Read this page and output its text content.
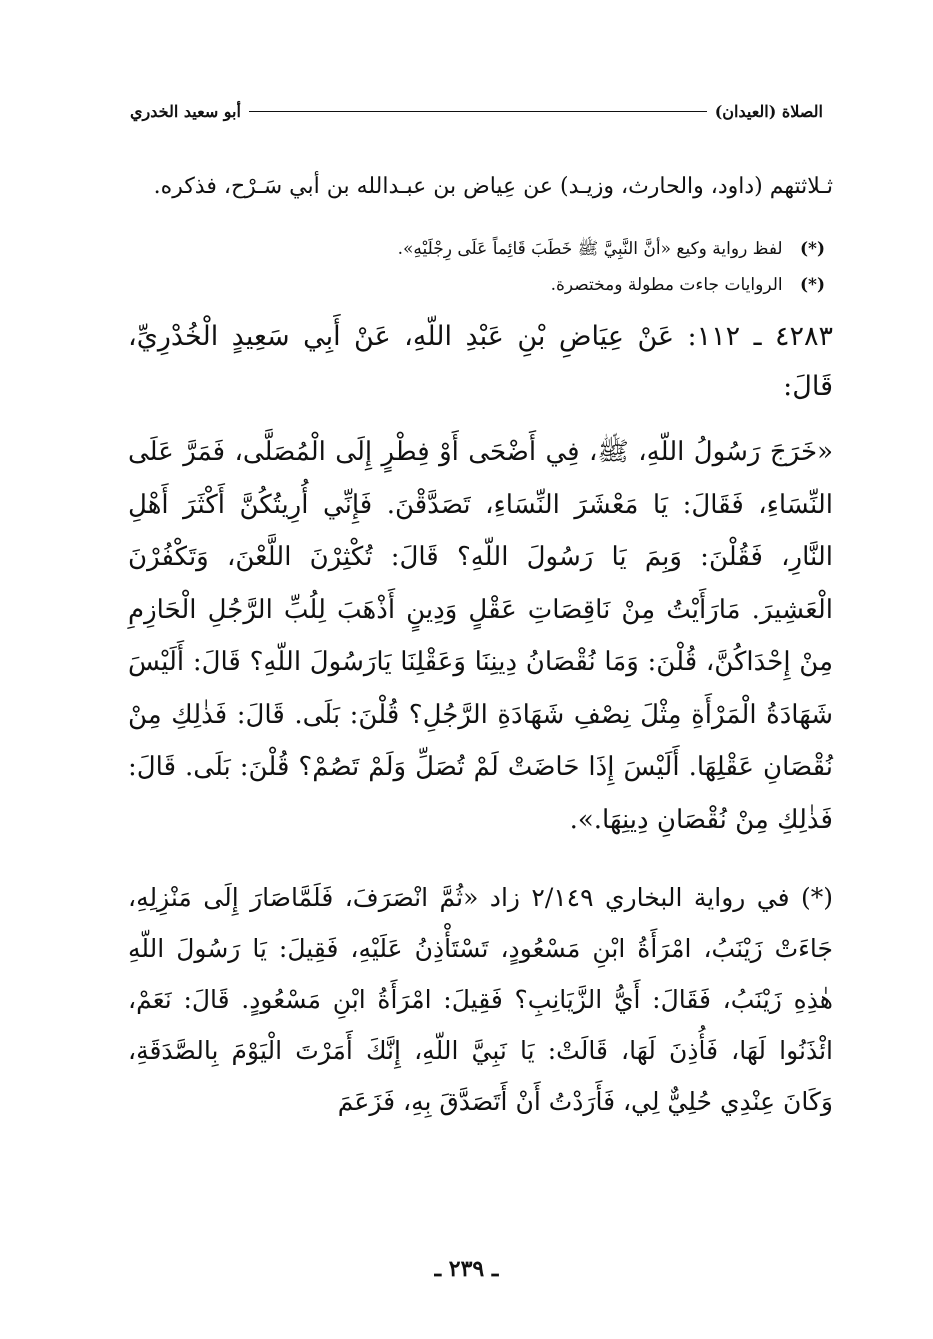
الصلاة (العيدان)
أبو سعيد الخدري

ثـلاثتهم (داود، والحارث، وزيـد) عن عِياض بن عبـدالله بن أبي سَـرْح، فذكره.

(*) لفظ رواية وكيع «أنَّ النَّبِيَّ ﷺ خَطَبَ قَائِماً عَلَى رِجْلَيْهِ».

(*) الروايات جاءت مطولة ومختصرة.

٤٢٨٣ ـ ١١٢: عَنْ عِيَاضِ بْنِ عَبْدِ اللّهِ، عَنْ أَبِي سَعِيدٍ الْخُدْرِيِّ، قَالَ:

«خَرَجَ رَسُولُ اللّهِ، ﷺ، فِي أَضْحَى أَوْ فِطْرٍ إِلَى الْمُصَلَّى، فَمَرَّ عَلَى النِّسَاءِ، فَقَالَ: يَا مَعْشَرَ النِّسَاءِ، تَصَدَّقْنَ. فَإِنِّي أُرِيتُكُنَّ أَكْثَرَ أَهْلِ النَّارِ، فَقُلْنَ: وَبِمَ يَا رَسُولَ اللّهِ؟ قَالَ: تُكْثِرْنَ اللَّعْنَ، وَتَكْفُرْنَ الْعَشِيرَ. مَارَأَيْتُ مِنْ نَاقِصَاتِ عَقْلٍ وَدِينٍ أَذْهَبَ لِلُبِّ الرَّجُلِ الْحَازِمِ مِنْ إِحْدَاكُنَّ، قُلْنَ: وَمَا نُقْصَانُ دِينِنَا وَعَقْلِنَا يَارَسُولَ اللّهِ؟ قَالَ: أَلَيْسَ شَهَادَةُ الْمَرْأَةِ مِثْلَ نِصْفِ شَهَادَةِ الرَّجُلِ؟ قُلْنَ: بَلَى. قَالَ: فَذٰلِكِ مِنْ نُقْصَانِ عَقْلِهَا. أَلَيْسَ إِذَا حَاضَتْ لَمْ تُصَلِّ وَلَمْ تَصُمْ؟ قُلْنَ: بَلَى. قَالَ: فَذٰلِكِ مِنْ نُقْصَانِ دِينِهَا.».

(*) في رواية البخاري ٢/١٤٩ زاد «ثُمَّ انْصَرَفَ، فَلَمَّاصَارَ إِلَى مَنْزِلِهِ، جَاءَتْ زَيْنَبُ، امْرَأَةُ ابْنِ مَسْعُودٍ، تَسْتَأْذِنُ عَلَيْهِ، فَقِيلَ: يَا رَسُولَ اللّهِ هٰذِهِ زَيْنَبُ، فَقَالَ: أَيُّ الزَّيَانِبِ؟ فَقِيلَ: امْرَأَةُ ابْنِ مَسْعُودٍ. قَالَ: نَعَمْ، ائْذَنُوا لَهَا، فَأُذِنَ لَهَا، قَالَتْ: يَا نَبِيَّ اللّهِ، إِنَّكَ أَمَرْتَ الْيَوْمَ بِالصَّدَقَةِ، وَكَانَ عِنْدِي حُلِيٌّ لِي، فَأَرَدْتُ أَنْ أَتَصَدَّقَ بِهِ، فَزَعَمَ

ـ ٢٣٩ ـ
